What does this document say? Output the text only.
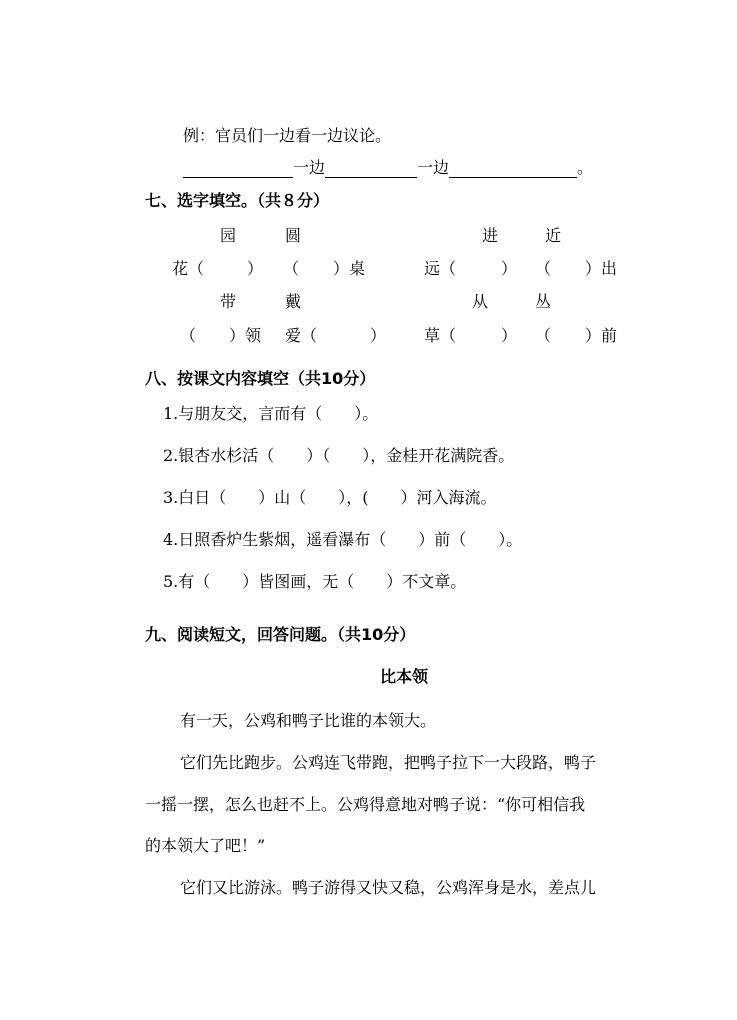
例：官员们一边看一边议论。
一边	一边	。
七、选字填空。（共８分）
园	圆	进	近
花（	） （ ）桌	远（	） （ ）出
带	戴	从	丛
（ ）领 爱（	） 草（	） （ ）前
八、按课文内容填空（共10分）
1.与朋友交，言而有（　　）。
2.银杏水杉活（　　）（　　），金桂开花满院香。
3.白日（　　）山（　　），(　　）河入海流。
4.日照香炉生紫烟，遥看瀑布（　　）前（　　）。
5.有（　　）皆图画，无（　　）不文章。
九、阅读短文，回答问题。（共10分）
比本领
有一天，公鸡和鸭子比谁的本领大。
它们先比跑步。公鸡连飞带跑，把鸭子拉下一大段路，鸭子
一摇一摆，怎么也赶不上。公鸡得意地对鸭子说：“你可相信我
的本领大了吧！”
它们又比游泳。鸭子游得又快又稳，公鸡浑身是水，差点儿
